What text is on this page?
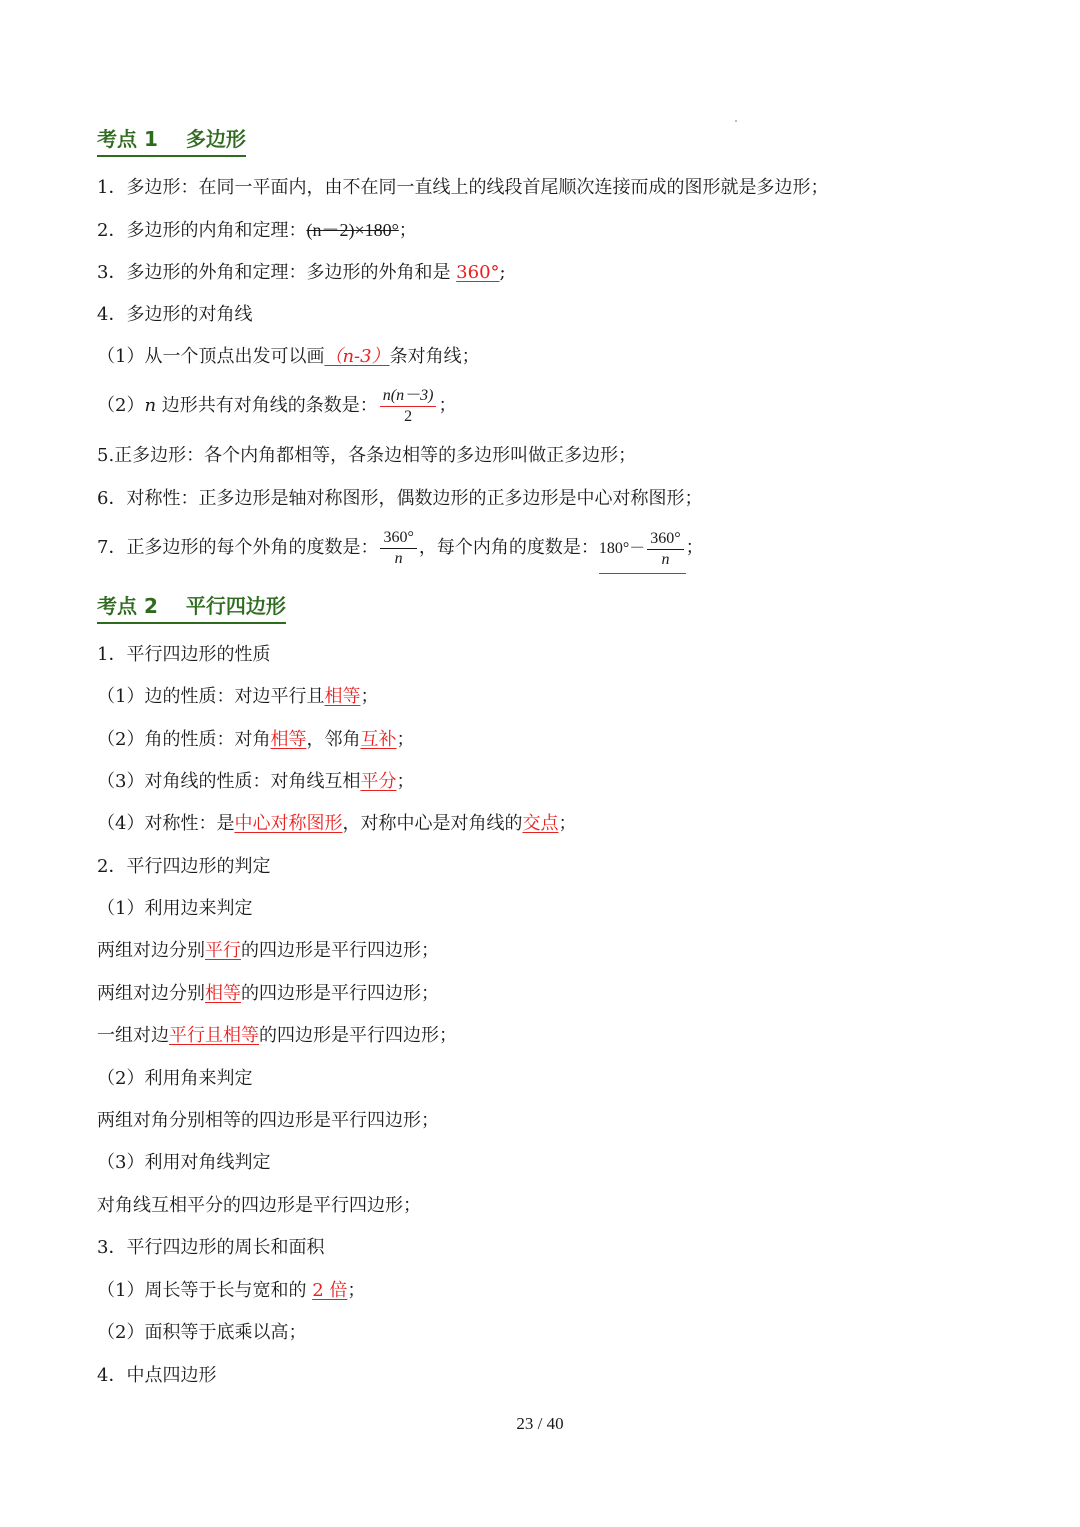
考点 1 多边形
1．多边形：在同一平面内，由不在同一直线上的线段首尾顺次连接而成的图形就是多边形；
2．多边形的内角和定理：(n－2)×180°；
3．多边形的外角和定理：多边形的外角和是 360°;
4．多边形的对角线
（1）从一个顶点出发可以画（n-3）条对角线；
（2）n 边形共有对角线的条数是： $\frac{n(n-3)}{2}$ ；
5.正多边形：各个内角都相等，各条边相等的多边形叫做正多边形；
6．对称性：正多边形是轴对称图形，偶数边形的正多边形是中心对称图形；
7．正多边形的每个外角的度数是： $\frac{360^\circ}{n}$ ，每个内角的度数是： $180^\circ- \frac{360^\circ}{n}$ ；
考点 2 平行四边形
1．平行四边形的性质
（1）边的性质：对边平行且相等；
（2）角的性质：对角相等，邻角互补；
（3）对角线的性质：对角线互相平分；
（4）对称性：是中心对称图形，对称中心是对角线的交点；
2．平行四边形的判定
（1）利用边来判定
两组对边分别平行的四边形是平行四边形；
两组对边分别相等的四边形是平行四边形；
一组对边平行且相等的四边形是平行四边形；
（2）利用角来判定
两组对角分别相等的四边形是平行四边形；
（3）利用对角线判定
对角线互相平分的四边形是平行四边形；
3．平行四边形的周长和面积
（1）周长等于长与宽和的 2 倍；
（2）面积等于底乘以高；
4．中点四边形
23 / 40
